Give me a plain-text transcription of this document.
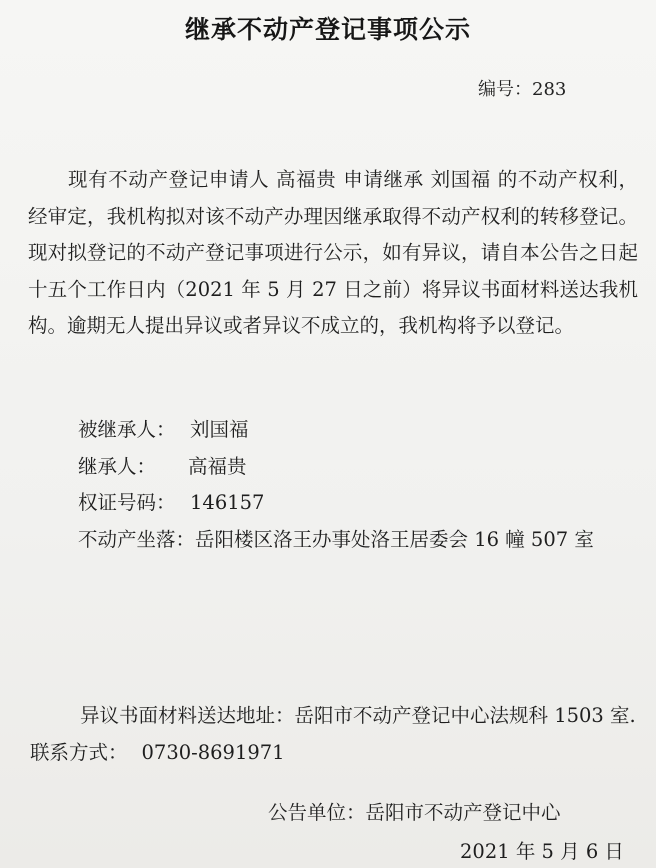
继承不动产登记事项公示
编号：283
现有不动产登记申请人 高福贵 申请继承 刘国福 的不动产权利，经审定，我机构拟对该不动产办理因继承取得不动产权利的转移登记。现对拟登记的不动产登记事项进行公示，如有异议，请自本公告之日起十五个工作日内（2021 年 5 月 27 日之前）将异议书面材料送达我机构。逾期无人提出异议或者异议不成立的，我机构将予以登记。
被继承人： 刘国福
继承人：	高福贵
权证号码： 146157
不动产坐落： 岳阳楼区洛王办事处洛王居委会 16 幢 507 室
异议书面材料送达地址：岳阳市不动产登记中心法规科 1503 室.联系方式： 0730-8691971
公告单位：岳阳市不动产登记中心
2021 年 5 月 6 日
